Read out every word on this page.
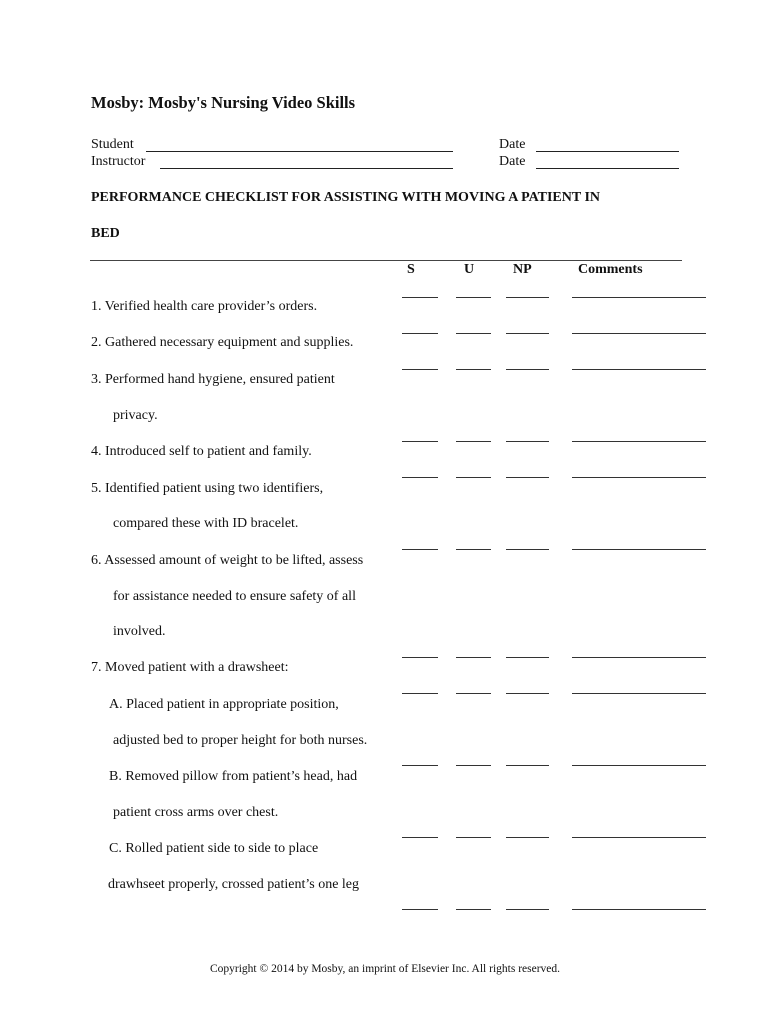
Mosby: Mosby's Nursing Video Skills
Student
Instructor
Date
Date
PERFORMANCE CHECKLIST FOR ASSISTING WITH MOVING A PATIENT IN
BED
S	U	NP	Comments
1. Verified health care provider’s orders.
2. Gathered necessary equipment and supplies.
3. Performed hand hygiene, ensured patient
privacy.
4. Introduced self to patient and family.
5. Identified patient using two identifiers,
compared these with ID bracelet.
6. Assessed amount of weight to be lifted, assess
for assistance needed to ensure safety of all
involved.
7. Moved patient with a drawsheet:
A. Placed patient in appropriate position,
adjusted bed to proper height for both nurses.
B. Removed pillow from patient’s head, had
patient cross arms over chest.
C. Rolled patient side to side to place
drawhseet properly, crossed patient’s one leg
Copyright © 2014 by Mosby, an imprint of Elsevier Inc. All rights reserved.
